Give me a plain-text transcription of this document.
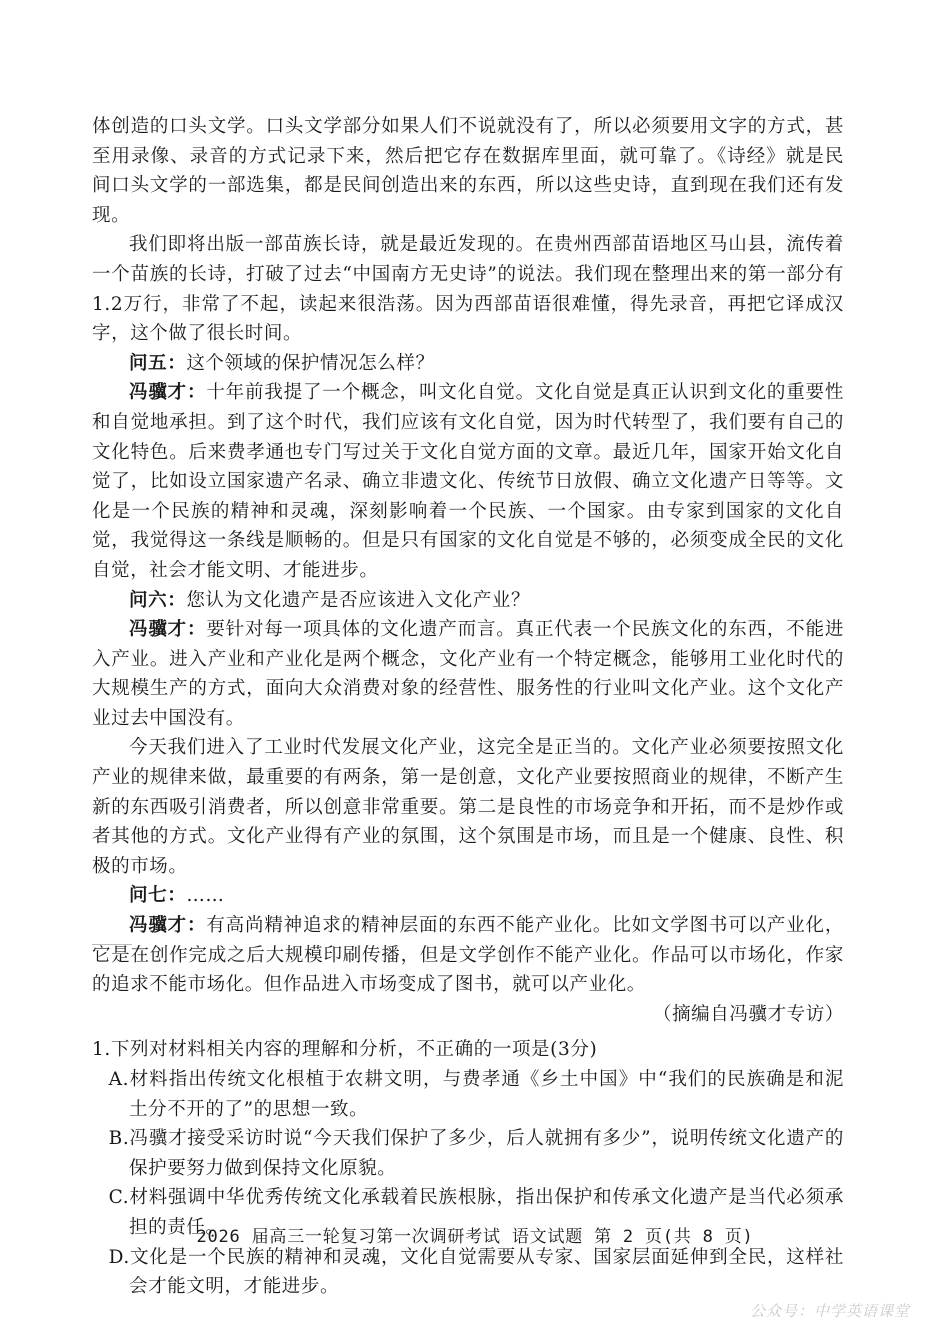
体创造的口头文学。口头文学部分如果人们不说就没有了，所以必须要用文字的方式，甚至用录像、录音的方式记录下来，然后把它存在数据库里面，就可靠了。《诗经》就是民间口头文学的一部选集，都是民间创造出来的东西，所以这些史诗，直到现在我们还有发现。

我们即将出版一部苗族长诗，就是最近发现的。在贵州西部苗语地区马山县，流传着一个苗族的长诗，打破了过去“中国南方无史诗”的说法。我们现在整理出来的第一部分有1.2万行，非常了不起，读起来很浩荡。因为西部苗语很难懂，得先录音，再把它译成汉字，这个做了很长时间。

问五：这个领域的保护情况怎么样？

冯骥才：十年前我提了一个概念，叫文化自觉。文化自觉是真正认识到文化的重要性和自觉地承担。到了这个时代，我们应该有文化自觉，因为时代转型了，我们要有自己的文化特色。后来费孝通也专门写过关于文化自觉方面的文章。最近几年，国家开始文化自觉了，比如设立国家遗产名录、确立非遗文化、传统节日放假、确立文化遗产日等等。文化是一个民族的精神和灵魂，深刻影响着一个民族、一个国家。由专家到国家的文化自觉，我觉得这一条线是顺畅的。但是只有国家的文化自觉是不够的，必须变成全民的文化自觉，社会才能文明、才能进步。

问六：您认为文化遗产是否应该进入文化产业？

冯骥才：要针对每一项具体的文化遗产而言。真正代表一个民族文化的东西，不能进入产业。进入产业和产业化是两个概念，文化产业有一个特定概念，能够用工业化时代的大规模生产的方式，面向大众消费对象的经营性、服务性的行业叫文化产业。这个文化产业过去中国没有。

今天我们进入了工业时代发展文化产业，这完全是正当的。文化产业必须要按照文化产业的规律来做，最重要的有两条，第一是创意，文化产业要按照商业的规律，不断产生新的东西吸引消费者，所以创意非常重要。第二是良性的市场竞争和开拓，而不是炒作或者其他的方式。文化产业得有产业的氛围，这个氛围是市场，而且是一个健康、良性、积极的市场。

问七：……

冯骥才：有高尚精神追求的精神层面的东西不能产业化。比如文学图书可以产业化，它是在创作完成之后大规模印刷传播，但是文学创作不能产业化。作品可以市场化，作家的追求不能市场化。但作品进入市场变成了图书，就可以产业化。

（摘编自冯骥才专访）

1.下列对材料相关内容的理解和分析，不正确的一项是(3分)

A.材料指出传统文化根植于农耕文明，与费孝通《乡土中国》中“我们的民族确是和泥土分不开的了”的思想一致。

B.冯骥才接受采访时说“今天我们保护了多少，后人就拥有多少”，说明传统文化遗产的保护要努力做到保持文化原貌。

C.材料强调中华优秀传统文化承载着民族根脉，指出保护和传承文化遗产是当代必须承担的责任。

D.文化是一个民族的精神和灵魂，文化自觉需要从专家、国家层面延伸到全民，这样社会才能文明，才能进步。

2026 届高三一轮复习第一次调研考试 语文试题 第 2 页(共 8 页)
公众号：中学英语课堂
